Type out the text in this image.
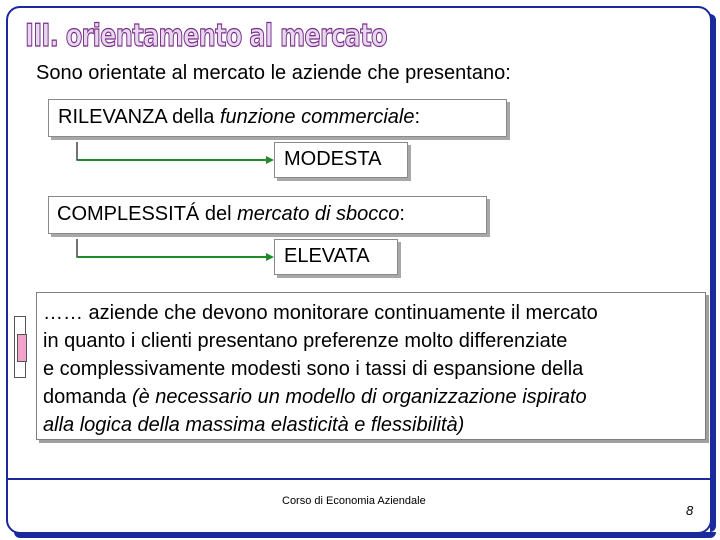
III. orientamento al mercato
Sono orientate al mercato le aziende che presentano:
RILEVANZA della funzione commerciale:
MODESTA
COMPLESSITÁ del mercato di sbocco:
ELEVATA
…… aziende che devono monitorare continuamente il mercato
in quanto i clienti presentano preferenze molto differenziate
e complessivamente modesti sono i tassi di espansione della
domanda (è necessario un modello di organizzazione ispirato
alla logica della massima elasticità e flessibilità)
Corso di Economia Aziendale
8
